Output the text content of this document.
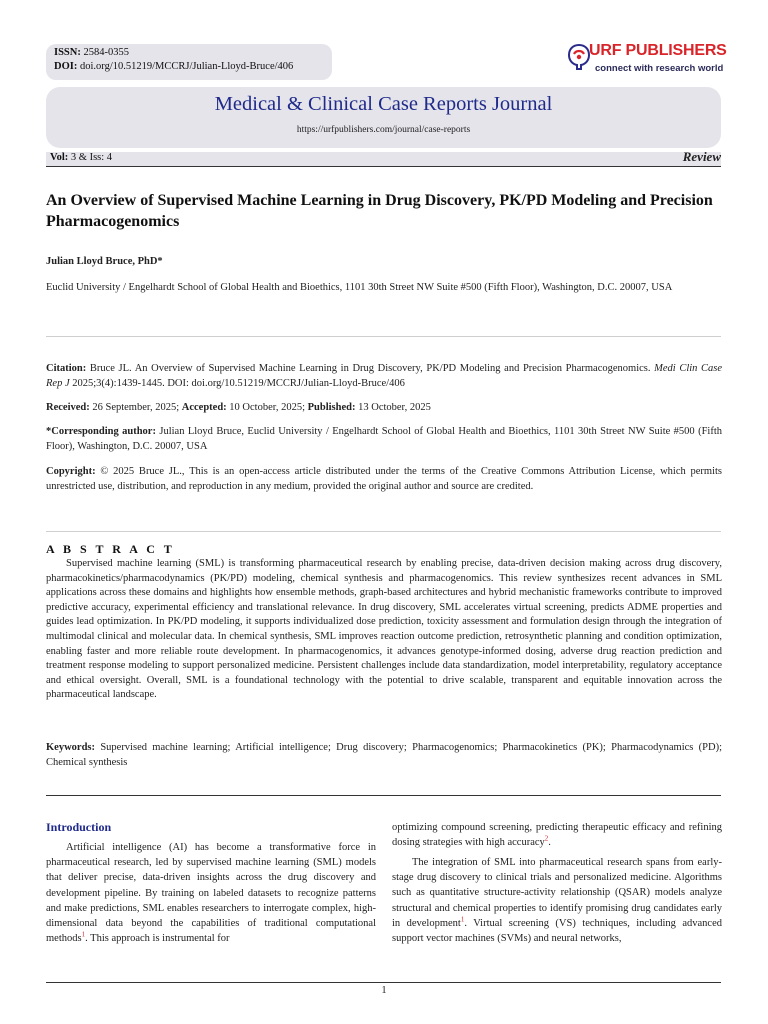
ISSN: 2584-0355
DOI: doi.org/10.51219/MCCRJ/Julian-Lloyd-Bruce/406
URF PUBLISHERS
connect with research world
Medical & Clinical Case Reports Journal
https://urfpublishers.com/journal/case-reports
Vol: 3 & Iss: 4	Review
An Overview of Supervised Machine Learning in Drug Discovery, PK/PD Modeling and Precision Pharmacogenomics
Julian Lloyd Bruce, PhD*
Euclid University / Engelhardt School of Global Health and Bioethics, 1101 30th Street NW Suite #500 (Fifth Floor), Washington, D.C. 20007, USA
Citation: Bruce JL. An Overview of Supervised Machine Learning in Drug Discovery, PK/PD Modeling and Precision Pharmacogenomics. Medi Clin Case Rep J 2025;3(4):1439-1445. DOI: doi.org/10.51219/MCCRJ/Julian-Lloyd-Bruce/406
Received: 26 September, 2025; Accepted: 10 October, 2025; Published: 13 October, 2025
*Corresponding author: Julian Lloyd Bruce, Euclid University / Engelhardt School of Global Health and Bioethics, 1101 30th Street NW Suite #500 (Fifth Floor), Washington, D.C. 20007, USA
Copyright: © 2025 Bruce JL., This is an open-access article distributed under the terms of the Creative Commons Attribution License, which permits unrestricted use, distribution, and reproduction in any medium, provided the original author and source are credited.
A B S T R A C T
Supervised machine learning (SML) is transforming pharmaceutical research by enabling precise, data-driven decision making across drug discovery, pharmacokinetics/pharmacodynamics (PK/PD) modeling, chemical synthesis and pharmacogenomics. This review synthesizes recent advances in SML applications across these domains and highlights how ensemble methods, graph-based architectures and hybrid mechanistic frameworks contribute to improved predictive accuracy, experimental efficiency and translational relevance. In drug discovery, SML accelerates virtual screening, predicts ADME properties and guides lead optimization. In PK/PD modeling, it supports individualized dose prediction, toxicity assessment and formulation design through the integration of multimodal clinical and molecular data. In chemical synthesis, SML improves reaction outcome prediction, retrosynthetic planning and condition optimization, enabling faster and more reliable route development. In pharmacogenomics, it advances genotype-informed dosing, adverse drug reaction prediction and treatment response modeling to support personalized medicine. Persistent challenges include data standardization, model interpretability, regulatory acceptance and ethical oversight. Overall, SML is a foundational technology with the potential to drive scalable, transparent and equitable innovation across the pharmaceutical landscape.
Keywords: Supervised machine learning; Artificial intelligence; Drug discovery; Pharmacogenomics; Pharmacokinetics (PK); Pharmacodynamics (PD); Chemical synthesis
Introduction
Artificial intelligence (AI) has become a transformative force in pharmaceutical research, led by supervised machine learning (SML) models that deliver precise, data-driven insights across the drug discovery and development pipeline. By training on labeled datasets to recognize patterns and make predictions, SML enables researchers to interrogate complex, high-dimensional data beyond the capabilities of traditional computational methods$^1$. This approach is instrumental for
optimizing compound screening, predicting therapeutic efficacy and refining dosing strategies with high accuracy$^2$.
The integration of SML into pharmaceutical research spans from early-stage drug discovery to clinical trials and personalized medicine. Algorithms such as quantitative structure-activity relationship (QSAR) models analyze structural and chemical properties to identify promising drug candidates early in development$^1$. Virtual screening (VS) techniques, including advanced support vector machines (SVMs) and neural networks,
1
